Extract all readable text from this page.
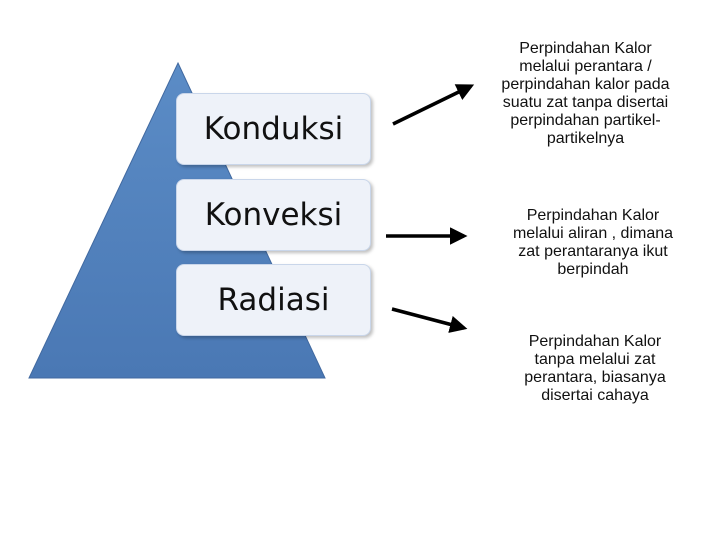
Konduksi
Konveksi
Radiasi
Perpindahan Kalor
melalui perantara /
perpindahan kalor pada
suatu zat tanpa disertai
perpindahan partikel-
partikelnya
Perpindahan Kalor
melalui aliran , dimana
zat perantaranya ikut
berpindah
Perpindahan Kalor
tanpa melalui zat
perantara, biasanya
disertai cahaya
